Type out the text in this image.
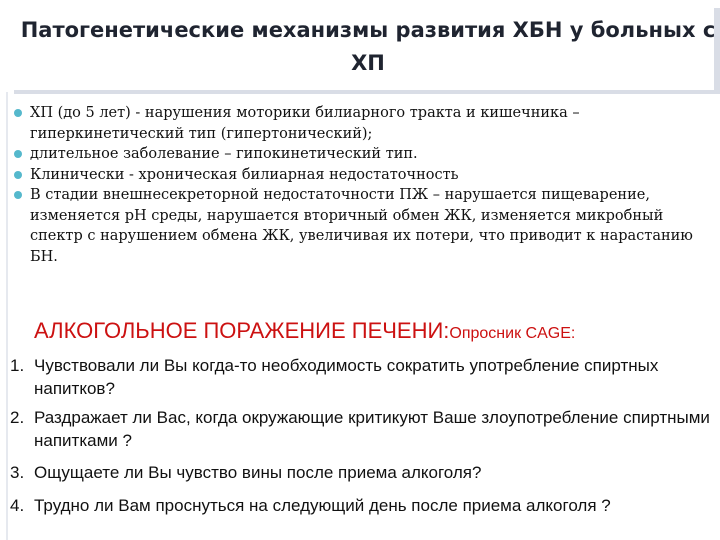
Патогенетические механизмы развития ХБН у больных с ХП
ХП (до 5 лет) - нарушения моторики билиарного тракта и кишечника – гиперкинетический тип (гипертонический);
длительное заболевание – гипокинетический тип.
Клинически - хроническая билиарная недостаточность
В стадии внешнесекреторной недостаточности ПЖ – нарушается пищеварение, изменяется рН среды, нарушается вторичный обмен ЖК, изменяется микробный спектр с нарушением обмена ЖК, увеличивая их потери, что приводит к нарастанию БН.
АЛКОГОЛЬНОЕ ПОРАЖЕНИЕ ПЕЧЕНИ:Опросник CAGE:
1. Чувствовали ли Вы когда-то необходимость сократить употребление спиртных напитков?
2. Раздражает ли Вас, когда окружающие критикуют Ваше злоупотребление спиртными напитками ?
3. Ощущаете ли Вы чувство вины после приема алкоголя?
4. Трудно ли Вам проснуться на следующий день после приема алкоголя ?
